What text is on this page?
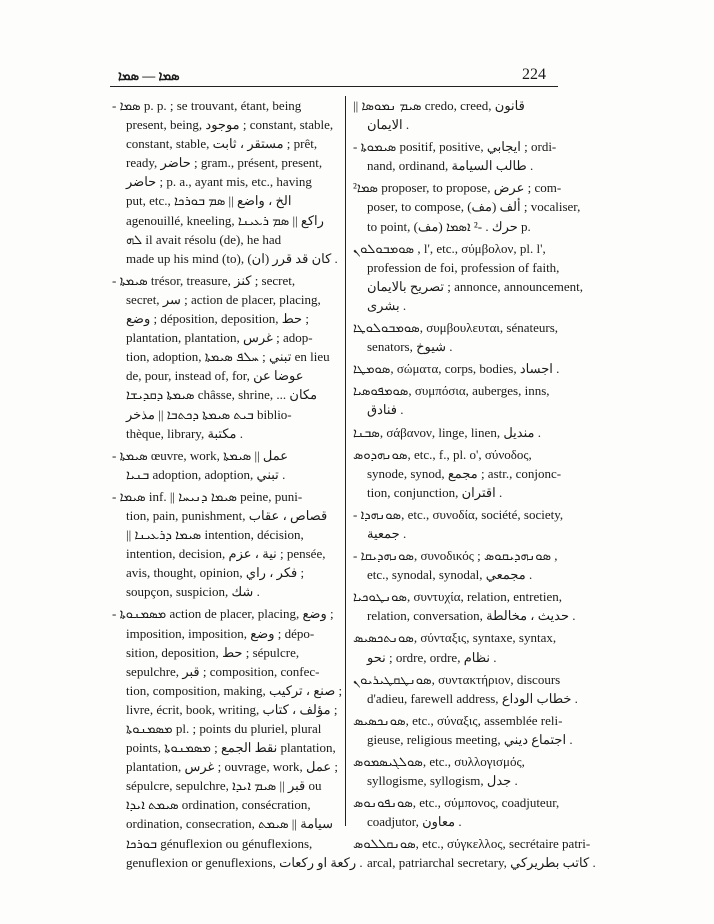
ܣܡܐ — ܣܡܐ	224
- ܣܡܐ p. p. ; se trouvant, étant, being
present, being, موجود ; constant, stable,
constant, stable, مستقر ، ثابت ; prêt,
ready, حاضر ; gram., présent, present,
حاضر ; p. a., ayant mis, etc., having
put, etc., الخ ، واضع || ܣܡ ܒܘܪܟܐ
agenouillé, kneeling, راكع || ܣܡ ܪܥܝܢܐ
ܠܗ il avait résolu (de), he had
made up his mind (to), كان قد قرر (ان) .
- ܣܝܡܬܐ trésor, treasure, كنز ; secret,
secret, سر ; action de placer, placing,
وضع ; déposition, deposition, حط ;
plantation, plantation, غرس ; adop-
tion, adoption, تبني ; ܚܠܦ ܣܝܡܬܐ en lieu
de, pour, instead of, for, عوضا عن
ܣܝܡܬܐ ܕܩܕܝܫܐ châsse, shrine, ... مكان
ܒܝܬ ܣܝܡܬܐ ܕܟܬܒܐ || مذخر biblio-
thèque, library, مكتبة .
- ܣܝܡܬܐ œuvre, work, عمل || ܣܝܡܬܐ
ܒܢܝܐ adoption, adoption, تبني .
- ܣܝܡܐ inf. || ܣܝܡܐ ܕܢܝܚܐ peine, puni-
tion, pain, punishment, قصاص ، عقاب
|| ܣܝܡܐ ܕܪܥܝܢܐ intention, décision,
intention, decision, نية ، عزم ; pensée,
avis, thought, opinion, فكر ، راي ;
soupçon, suspicion, شك .
- ܡܣܡܢܘܬܐ action de placer, placing, وضع ;
imposition, imposition, وضع ; dépo-
sition, deposition, حط ; sépulcre,
sepulchre, قبر ; composition, confec-
tion, composition, making, صنع ، تركيب ;
livre, écrit, book, writing, مؤلف ، كتاب ;
ܡܣܡܢܘܬܐ pl. ; points du pluriel, plural
points, نقط الجمع ; ܡܣܡܢܘܬܐ plantation,
plantation, غرس ; ouvrage, work, عمل ;
sépulcre, sepulchre, قبر || ܣܝܡ ܐܝܕܐ ou
ܣܝܡܬ ܐܝܕܐ ordination, consécration,
ordination, consecration, سيامة || ܣܝܡܬ
ܒܘܪܟܐ génuflexion ou génuflexions,
genuflexion or genuflexions, ركعة او ركعات .
|| ܣܝܡ ܢܡܘܣܐ credo, creed, قانون
الايمان .
- ܣܝܡܘܬܐ positif, positive, ايجابي ; ordi-
nand, ordinand, طالب السيامة .
ܣܡܐ² proposer, to propose, عرض ; com-
poser, to compose, (مف) ألف ; vocaliser,
to point, (مف) حرك . -² ܐܣܡܐ p.
ܣܘܡܒܘܠܘܢ , l', etc., σύμβολον, pl. l',
profession de foi, profession of faith,
تصريح بالايمان ; annonce, announcement,
بشرى .
ܣܘܡܒܘܠܘܛܐ, συμβουλευται, sénateurs,
senators, شيوخ .
ܣܘܡܛܐ, σώματα, corps, bodies, اجساد .
ܣܘܡܦܘܣܝܐ, συμπόσια, auberges, inns,
فنادق .
ܣܒܢܐ, σάβανον, linge, linen, منديل .
ܣܘܢܗܕܘܣ, etc., f., pl. o', σύνοδος,
synode, synod, مجمع ; astr., conjonc-
tion, conjunction, اقتران .
- ܣܘܢܗܕܐ, etc., συνοδία, société, society,
جمعية .
- ܣܘܢܗܕܝܩܐ, συνοδικός ; ܣܘܢܗܕܝܩܘܣ ,
etc., synodal, synodal, مجمعي .
ܣܘܢܛܘܟܝܐ, συντυχία, relation, entretien,
relation, conversation, حديث ، مخالطة .
ܣܘܢܬܟܣܝܣ, σύνταξις, syntaxe, syntax,
نحو ; ordre, ordre, نظام .
ܣܘܢܛܩܛܝܪܝܘܢ, συντακτήριον, discours
d'adieu, farewell address, خطاب الوداع .
ܣܘܢܟܣܝܣ, etc., σύναξις, assemblée reli-
gieuse, religious meeting, اجتماع ديني .
ܣܘܠܓܝܣܡܘܣ, etc., συλλογισμός,
syllogisme, syllogism, جدل .
ܣܘܢܦܘܢܘܣ, etc., σύμπονος, coadjuteur,
coadjutor, معاون .
ܣܘܢܩܠܠܘܣ, etc., σύγκελλος, secrétaire patri-
arcal, patriarchal secretary, كاتب بطريركي .
